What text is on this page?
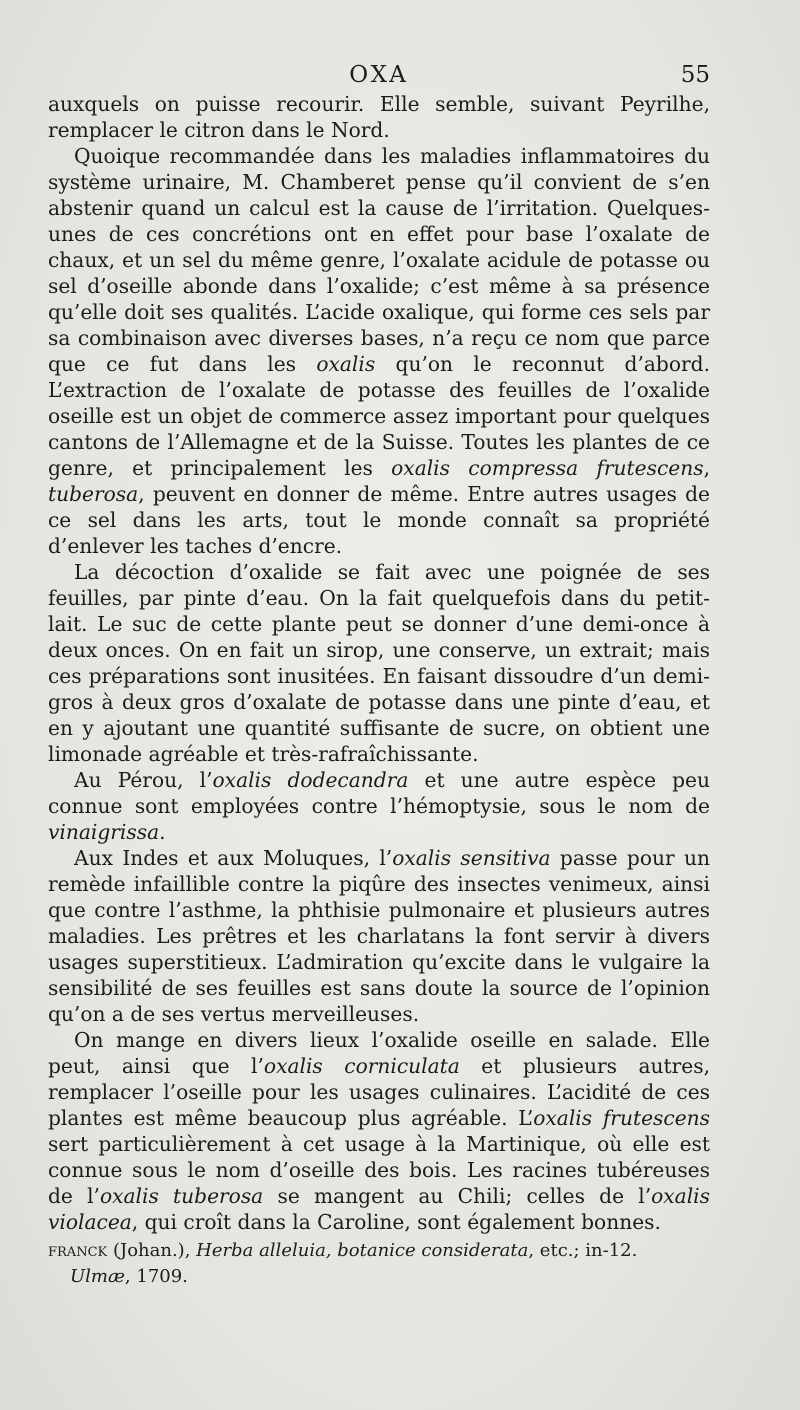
OXA	55

auxquels on puisse recourir. Elle semble, suivant Peyrilhe, remplacer le citron dans le Nord.

Quoique recommandée dans les maladies inflammatoires du système urinaire, M. Chamberet pense qu’il convient de s’en abstenir quand un calcul est la cause de l’irritation. Quelques-unes de ces concrétions ont en effet pour base l’oxalate de chaux, et un sel du même genre, l’oxalate acidule de potasse ou sel d’oseille abonde dans l’oxalide; c’est même à sa présence qu’elle doit ses qualités. L’acide oxalique, qui forme ces sels par sa combinaison avec diverses bases, n’a reçu ce nom que parce que ce fut dans les oxalis qu’on le reconnut d’abord. L’extraction de l’oxalate de potasse des feuilles de l’oxalide oseille est un objet de commerce assez important pour quelques cantons de l’Allemagne et de la Suisse. Toutes les plantes de ce genre, et principalement les oxalis compressa frutescens, tuberosa, peuvent en donner de même. Entre autres usages de ce sel dans les arts, tout le monde connaît sa propriété d’enlever les taches d’encre.

La décoction d’oxalide se fait avec une poignée de ses feuilles, par pinte d’eau. On la fait quelquefois dans du petit-lait. Le suc de cette plante peut se donner d’une demi-once à deux onces. On en fait un sirop, une conserve, un extrait; mais ces préparations sont inusitées. En faisant dissoudre d’un demi-gros à deux gros d’oxalate de potasse dans une pinte d’eau, et en y ajoutant une quantité suffisante de sucre, on obtient une limonade agréable et très-rafraîchissante.

Au Pérou, l’oxalis dodecandra et une autre espèce peu connue sont employées contre l’hémoptysie, sous le nom de vinaigrissa.

Aux Indes et aux Moluques, l’oxalis sensitiva passe pour un remède infaillible contre la piqûre des insectes venimeux, ainsi que contre l’asthme, la phthisie pulmonaire et plusieurs autres maladies. Les prêtres et les charlatans la font servir à divers usages superstitieux. L’admiration qu’excite dans le vulgaire la sensibilité de ses feuilles est sans doute la source de l’opinion qu’on a de ses vertus merveilleuses.

On mange en divers lieux l’oxalide oseille en salade. Elle peut, ainsi que l’oxalis corniculata et plusieurs autres, remplacer l’oseille pour les usages culinaires. L’acidité de ces plantes est même beaucoup plus agréable. L’oxalis frutescens sert particulièrement à cet usage à la Martinique, où elle est connue sous le nom d’oseille des bois. Les racines tubéreuses de l’oxalis tuberosa se mangent au Chili; celles de l’oxalis violacea, qui croît dans la Caroline, sont également bonnes.

franck (Johan.), Herba alleluia, botanice considerata, etc.; in-12.
Ulmæ, 1709.
